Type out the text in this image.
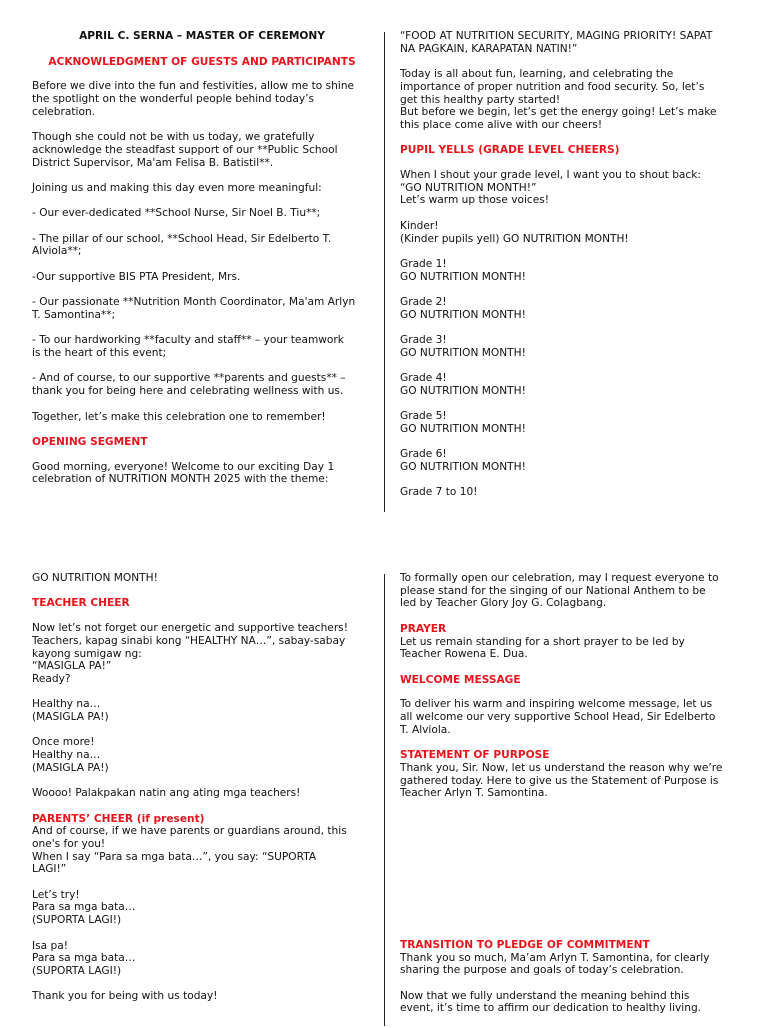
APRIL C. SERNA – MASTER OF CEREMONY

ACKNOWLEDGMENT OF GUESTS AND PARTICIPANTS

Before we dive into the fun and festivities, allow me to shine
the spotlight on the wonderful people behind today’s
celebration.

Though she could not be with us today, we gratefully
acknowledge the steadfast support of our **Public School
District Supervisor, Ma'am Felisa B. Batistil**.

Joining us and making this day even more meaningful:

- Our ever-dedicated **School Nurse, Sir Noel B. Tiu**;

- The pillar of our school, **School Head, Sir Edelberto T.
Alviola**;

-Our supportive BIS PTA President, Mrs.

- Our passionate **Nutrition Month Coordinator, Ma'am Arlyn
T. Samontina**;

- To our hardworking **faculty and staff** – your teamwork
is the heart of this event;

- And of course, to our supportive **parents and guests** –
thank you for being here and celebrating wellness with us.

Together, let’s make this celebration one to remember!

OPENING SEGMENT

Good morning, everyone! Welcome to our exciting Day 1
celebration of NUTRITION MONTH 2025 with the theme:

“FOOD AT NUTRITION SECURITY, MAGING PRIORITY! SAPAT
NA PAGKAIN, KARAPATAN NATIN!”

Today is all about fun, learning, and celebrating the
importance of proper nutrition and food security. So, let’s
get this healthy party started!
But before we begin, let’s get the energy going! Let’s make
this place come alive with our cheers!

PUPIL YELLS (GRADE LEVEL CHEERS)

When I shout your grade level, I want you to shout back:
“GO NUTRITION MONTH!”
Let’s warm up those voices!

Kinder!
(Kinder pupils yell) GO NUTRITION MONTH!

Grade 1!
GO NUTRITION MONTH!

Grade 2!
GO NUTRITION MONTH!

Grade 3!
GO NUTRITION MONTH!

Grade 4!
GO NUTRITION MONTH!

Grade 5!
GO NUTRITION MONTH!

Grade 6!
GO NUTRITION MONTH!

Grade 7 to 10!

GO NUTRITION MONTH!

TEACHER CHEER

Now let’s not forget our energetic and supportive teachers!
Teachers, kapag sinabi kong “HEALTHY NA…”, sabay-sabay
kayong sumigaw ng:
“MASIGLA PA!”
Ready?

Healthy na…
(MASIGLA PA!)

Once more!
Healthy na…
(MASIGLA PA!)

Woooo! Palakpakan natin ang ating mga teachers!

PARENTS’ CHEER (if present)

And of course, if we have parents or guardians around, this
one's for you!
When I say “Para sa mga bata…”, you say: “SUPORTA
LAGI!”

Let’s try!
Para sa mga bata…
(SUPORTA LAGI!)

Isa pa!
Para sa mga bata…
(SUPORTA LAGI!)

Thank you for being with us today!

To formally open our celebration, may I request everyone to
please stand for the singing of our National Anthem to be
led by Teacher Glory Joy G. Colagbang.

PRAYER

Let us remain standing for a short prayer to be led by
Teacher Rowena E. Dua.

WELCOME MESSAGE

To deliver his warm and inspiring welcome message, let us
all welcome our very supportive School Head, Sir Edelberto
T. Alviola.

STATEMENT OF PURPOSE

Thank you, Sir. Now, let us understand the reason why we’re
gathered today. Here to give us the Statement of Purpose is
Teacher Arlyn T. Samontina.

TRANSITION TO PLEDGE OF COMMITMENT

Thank you so much, Ma’am Arlyn T. Samontina, for clearly
sharing the purpose and goals of today’s celebration.

Now that we fully understand the meaning behind this
event, it’s time to affirm our dedication to healthy living.
